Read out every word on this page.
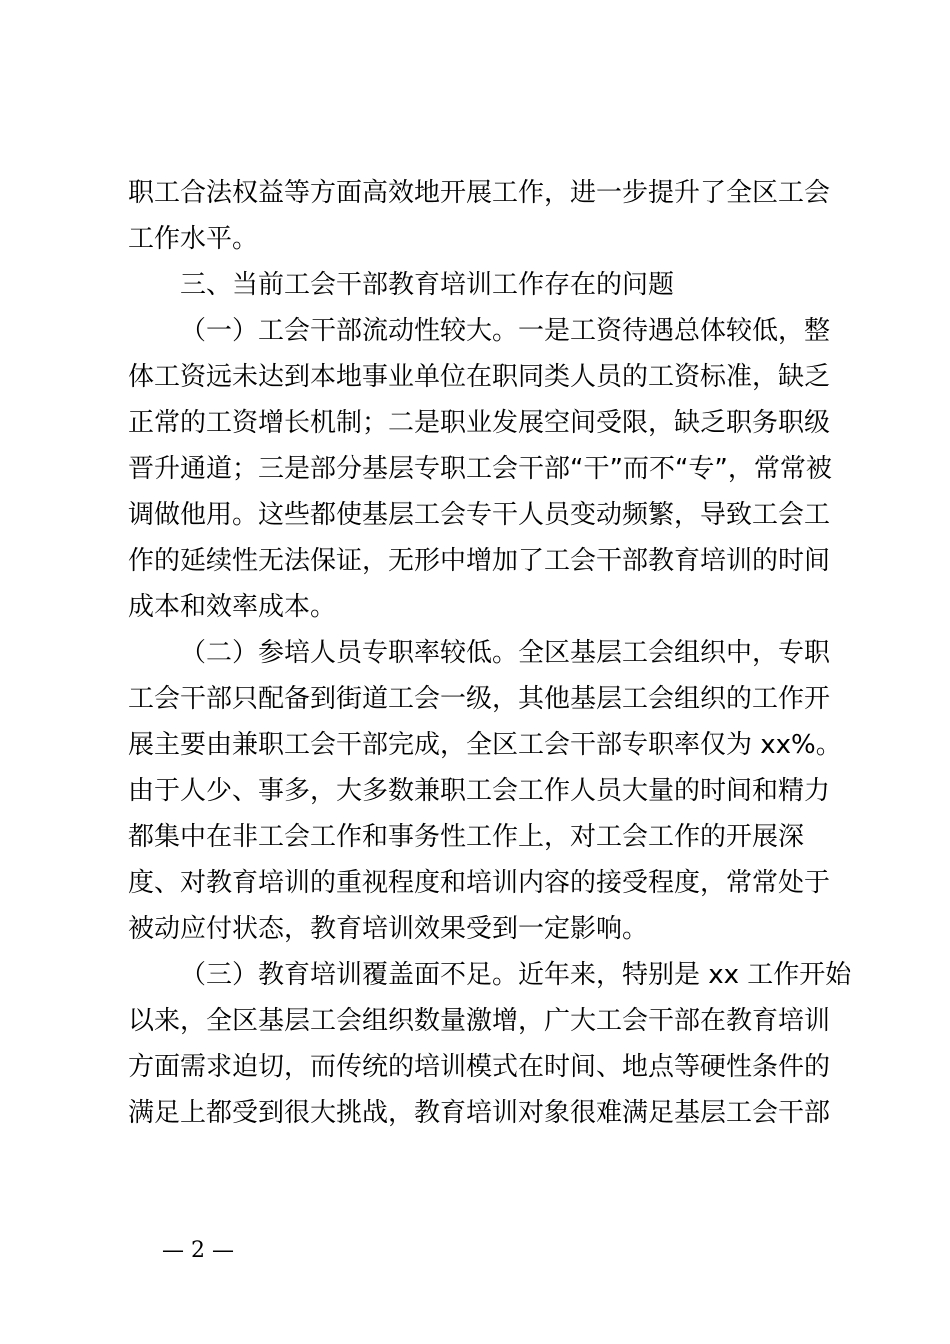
职工合法权益等方面高效地开展工作，进一步提升了全区工会
工作水平。
三、当前工会干部教育培训工作存在的问题
（一）工会干部流动性较大。一是工资待遇总体较低，整
体工资远未达到本地事业单位在职同类人员的工资标准，缺乏
正常的工资增长机制；二是职业发展空间受限，缺乏职务职级
晋升通道；三是部分基层专职工会干部“干”而不“专”，常常被
调做他用。这些都使基层工会专干人员变动频繁，导致工会工
作的延续性无法保证，无形中增加了工会干部教育培训的时间
成本和效率成本。
（二）参培人员专职率较低。全区基层工会组织中，专职
工会干部只配备到街道工会一级，其他基层工会组织的工作开
展主要由兼职工会干部完成，全区工会干部专职率仅为 xx%。
由于人少、事多，大多数兼职工会工作人员大量的时间和精力
都集中在非工会工作和事务性工作上，对工会工作的开展深
度、对教育培训的重视程度和培训内容的接受程度，常常处于
被动应付状态，教育培训效果受到一定影响。
（三）教育培训覆盖面不足。近年来，特别是 xx 工作开始
以来，全区基层工会组织数量激增，广大工会干部在教育培训
方面需求迫切，而传统的培训模式在时间、地点等硬性条件的
满足上都受到很大挑战，教育培训对象很难满足基层工会干部
— 2 —
